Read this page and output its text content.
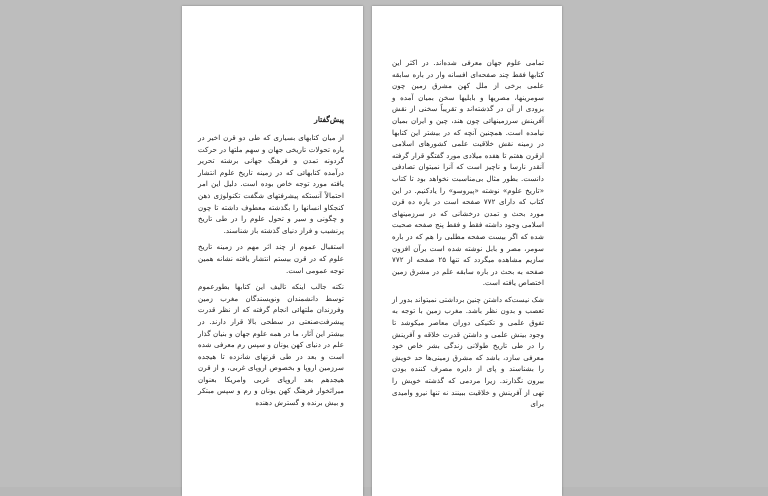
پیش‌گفتار

از میان کتابهای بسیاری که طی دو قرن اخیر در باره تحولات تاریخی جهان و سهم ملتها در حرکت گردونه تمدن و فرهنگ جهانی برشته تحریر درآمده کتابهائی که در زمینه تاریخ علوم انتشار یافته مورد توجه خاص بوده است. دلیل این امر احتمالاً آنستکه پیشرفتهای شگفت تکنولوژی ذهن کنجکاو انسانها را بگذشته معطوف داشته تا چون و چگونی و سیر و تحول علوم را در طی تاریخ پرنشیب و فراز دنیای گذشته باز شناسند.

استقبال عموم از چند اثر مهم در زمینه تاریخ علوم که در قرن بیستم انتشار یافته نشانه همین توجه عمومی است.

نکته جالب اینکه تالیف این کتابها بطورعموم توسط دانشمندان ونویسندگان مغرب زمین وفرزندان ملتهائی انجام گرفته که از نظر قدرت پیشرفت‌صنعتی در سطحی بالا قرار دارند. در بیشتر این آثار، ما در همه علوم جهان و بنیان گذار علم در دنیای کهن یونان و سپس رم معرفی شده است و بعد در طی قرنهای شانزده تا هیجده سرزمین اروپا و بخصوص اروپای غربی، و از قرن هیجدهم بعد اروپای غربی وامریکا بعنوان میراثخوار فرهنگ کهن یونان و رم و سپس مبتکر و بیش برنده و گسترش دهنده

تمامی علوم جهان معرفی شده‌اند. در اکثر این کتابها فقط چند صفحه‌ای افسانه وار در باره سابقه علمی برخی از ملل کهن مشرق زمین چون سومرینها، مصریها و بابلیها سخن بمیان آمده و بزودی از آن در گذشته‌اند و تقریباً سخنی از نقش آفرینش سرزمینهائی چون هند، چین و ایران بمیان نیامده است. همچنین آنچه که در بیشتر این کتابها در زمینه نقش خلاقیت علمی کشورهای اسلامی ازقرن هفتم تا هفده میلادی مورد گفتگو قرار گرفته آنقدر نارسا و ناچیز است که آنرا نمیتوان تصادفی دانست. بطور مثال بی‌مناسبت نخواهد بود تا کتاب «تاریخ علوم» نوشته «پیروسو» را یادکنیم. در این کتاب که دارای ۷۷۲ صفحه است در باره ده قرن مورد بحث و تمدن درخشانی که در سرزمینهای اسلامی وجود داشته فقط و فقط پنج صفحه صحبت شده که اگر بیست صفحه مطلبی را هم که در باره سومر، مصر و بابل نوشته شده است برآن افزون سازیم مشاهده میگردد که تنها ۲۵ صفحه از ۷۷۲ صفحه به بحث در باره سابقه علم در مشرق زمین اختصاص یافته است.

شک نیست‌که داشتن چنین برداشتی نمیتواند بدور از تعصب و بدون نظر باشد. مغرب زمین با توجه به تفوق علمی و تکنیکی دوران معاصر میکوشد تا وجود بینش علمی و داشتن قدرت خلاقه و آفرینش را در طی تاریخ طولانی زندگی بشر خاص خود معرفی سازد، باشد که مشرق زمینی‌ها حد خویش را بشناسند و پای از دایره مصرف کننده بودن بیرون نگذارند. زیرا مردمی که گذشته خویش را تهی از آفرینش و خلاقیت ببینند نه تنها نیرو وامیدی برای
